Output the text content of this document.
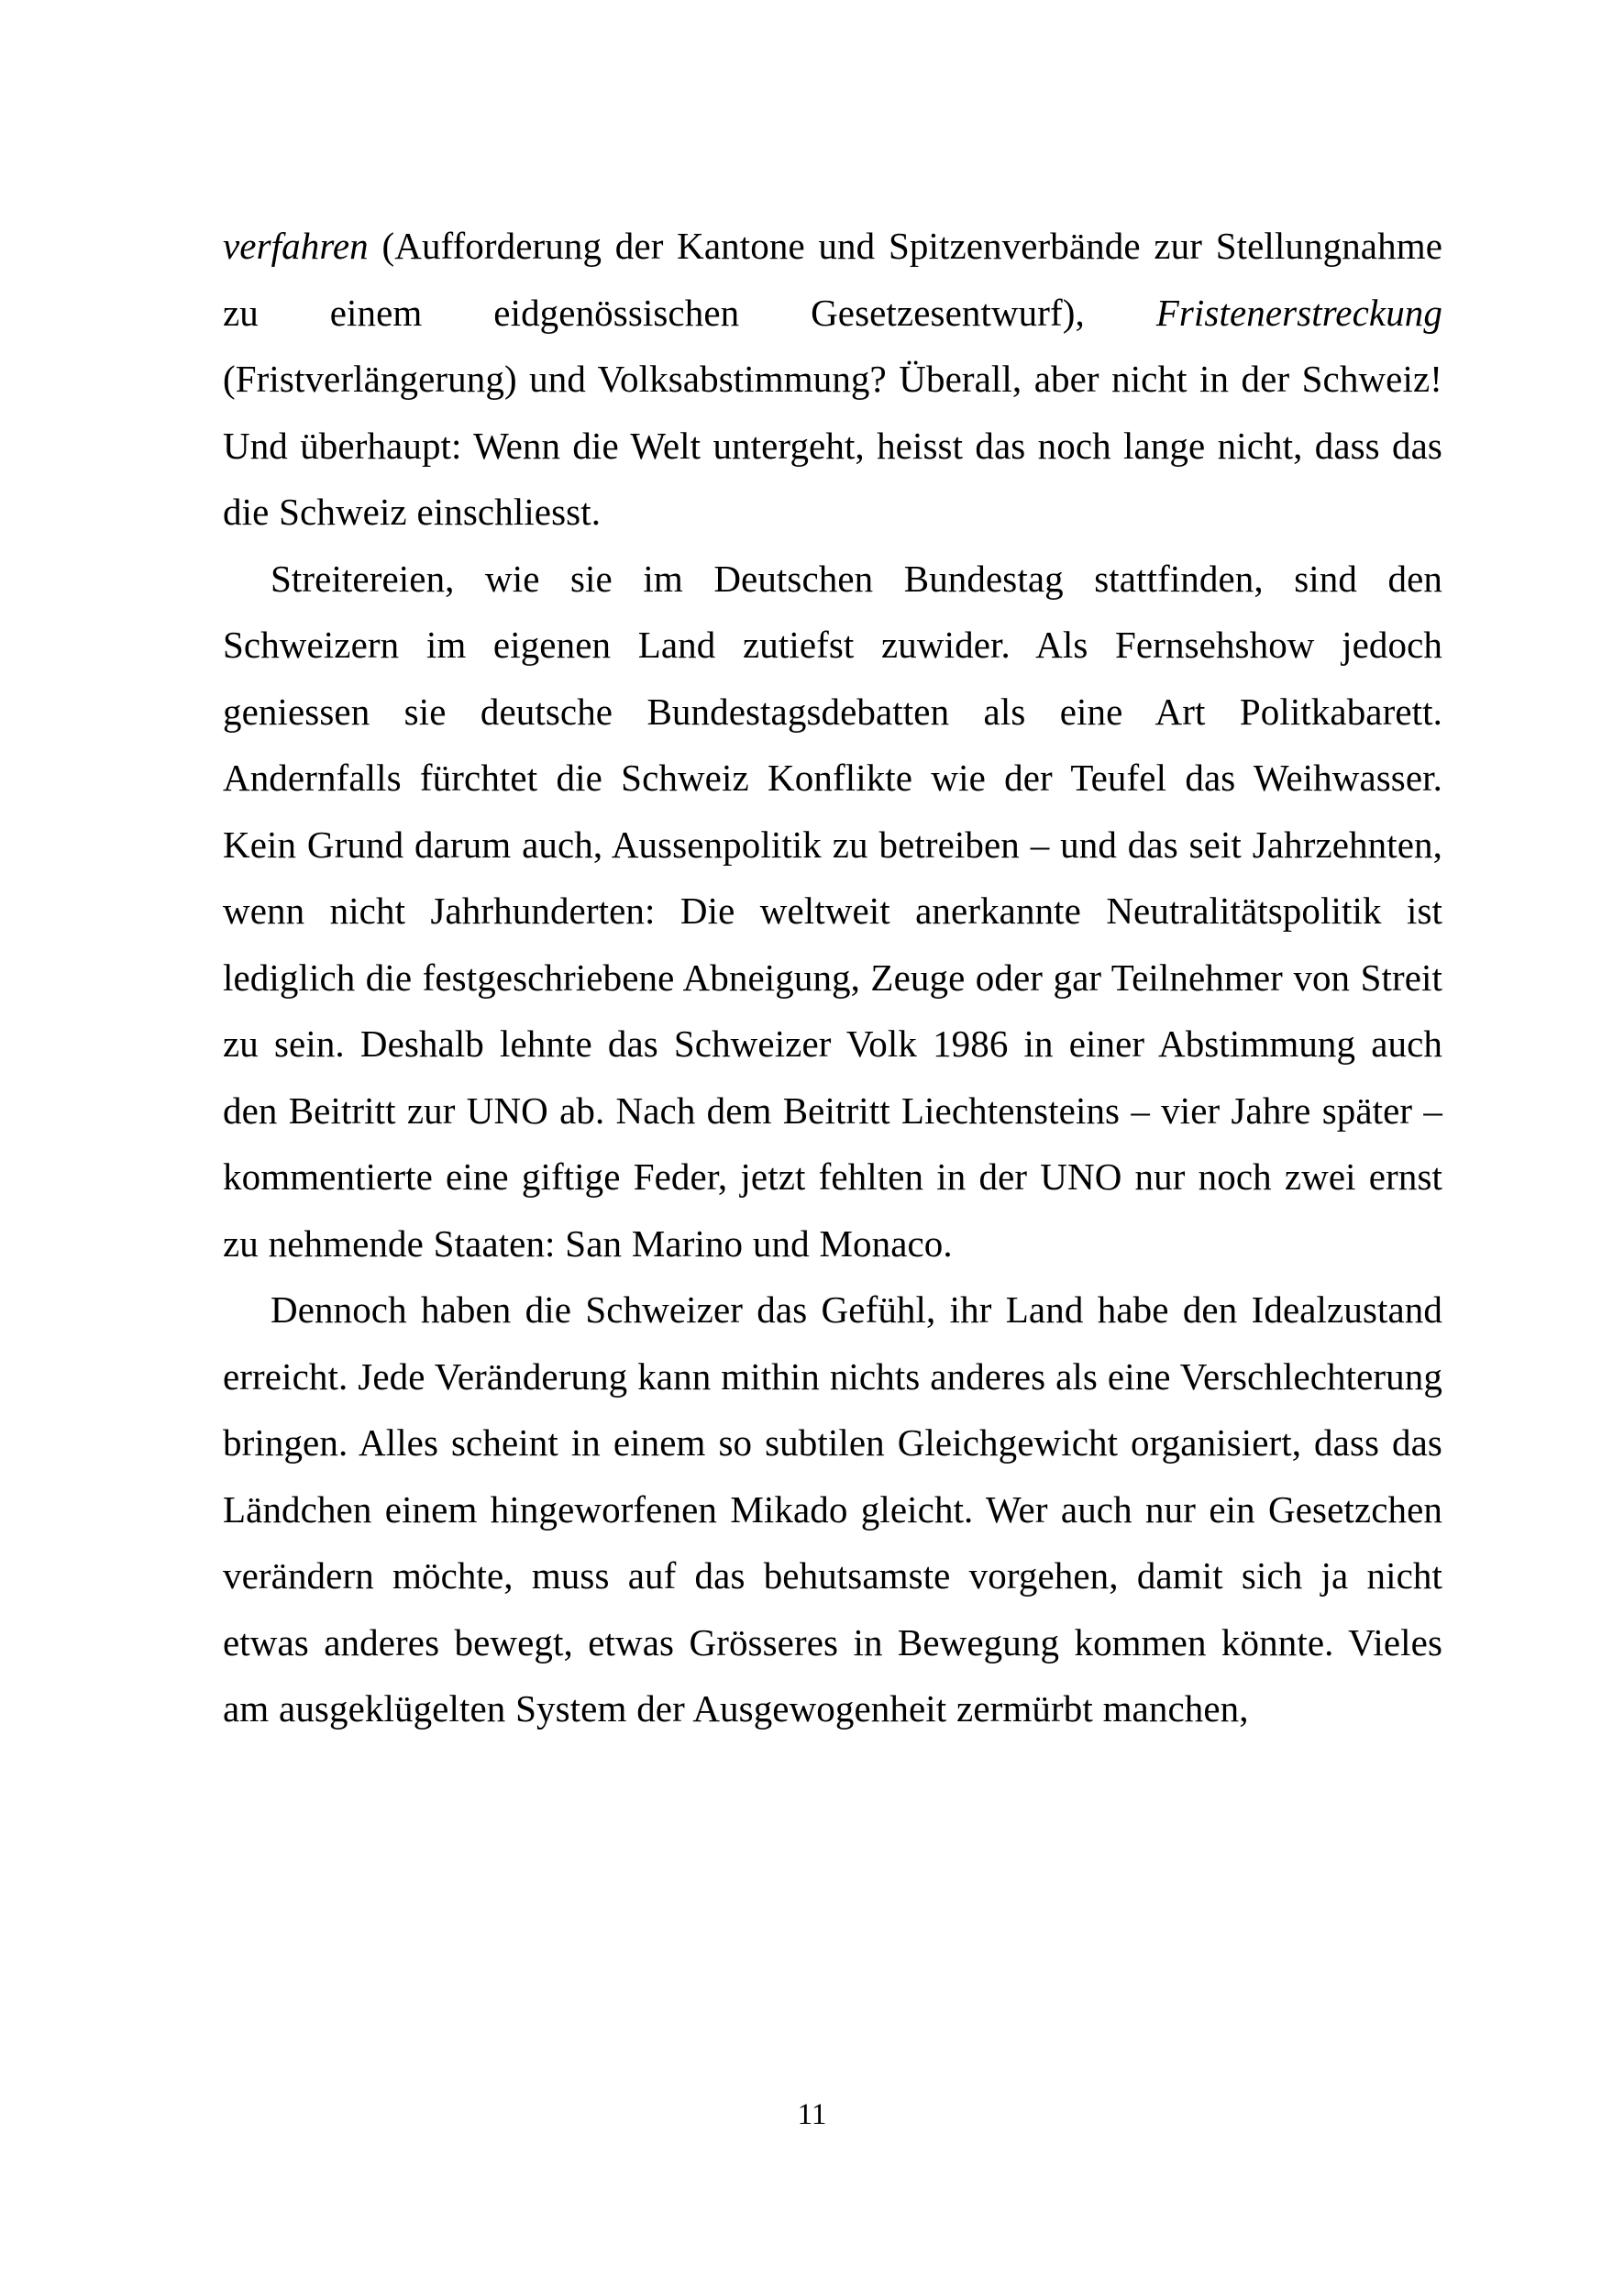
verfahren (Aufforderung der Kantone und Spitzenverbände zur Stellungnahme zu einem eidgenössischen Gesetzesentwurf), Fristenerstreckung (Fristverlängerung) und Volksabstimmung? Überall, aber nicht in der Schweiz! Und überhaupt: Wenn die Welt untergeht, heisst das noch lange nicht, dass das die Schweiz einschliesst.

Streitereien, wie sie im Deutschen Bundestag stattfinden, sind den Schweizern im eigenen Land zutiefst zuwider. Als Fernsehshow jedoch geniessen sie deutsche Bundestagsdebatten als eine Art Politkabarett. Andernfalls fürchtet die Schweiz Konflikte wie der Teufel das Weihwasser. Kein Grund darum auch, Aussenpolitik zu betreiben – und das seit Jahrzehnten, wenn nicht Jahrhunderten: Die weltweit anerkannte Neutralitätspolitik ist lediglich die festgeschriebene Abneigung, Zeuge oder gar Teilnehmer von Streit zu sein. Deshalb lehnte das Schweizer Volk 1986 in einer Abstimmung auch den Beitritt zur UNO ab. Nach dem Beitritt Liechtensteins – vier Jahre später – kommentierte eine giftige Feder, jetzt fehlten in der UNO nur noch zwei ernst zu nehmende Staaten: San Marino und Monaco.

Dennoch haben die Schweizer das Gefühl, ihr Land habe den Idealzustand erreicht. Jede Veränderung kann mithin nichts anderes als eine Verschlechterung bringen. Alles scheint in einem so subtilen Gleichgewicht organisiert, dass das Ländchen einem hingeworfenen Mikado gleicht. Wer auch nur ein Gesetzchen verändern möchte, muss auf das behutsamste vorgehen, damit sich ja nicht etwas anderes bewegt, etwas Grösseres in Bewegung kommen könnte. Vieles am ausgeklügelten System der Ausgewogenheit zermürbt manchen,

11
